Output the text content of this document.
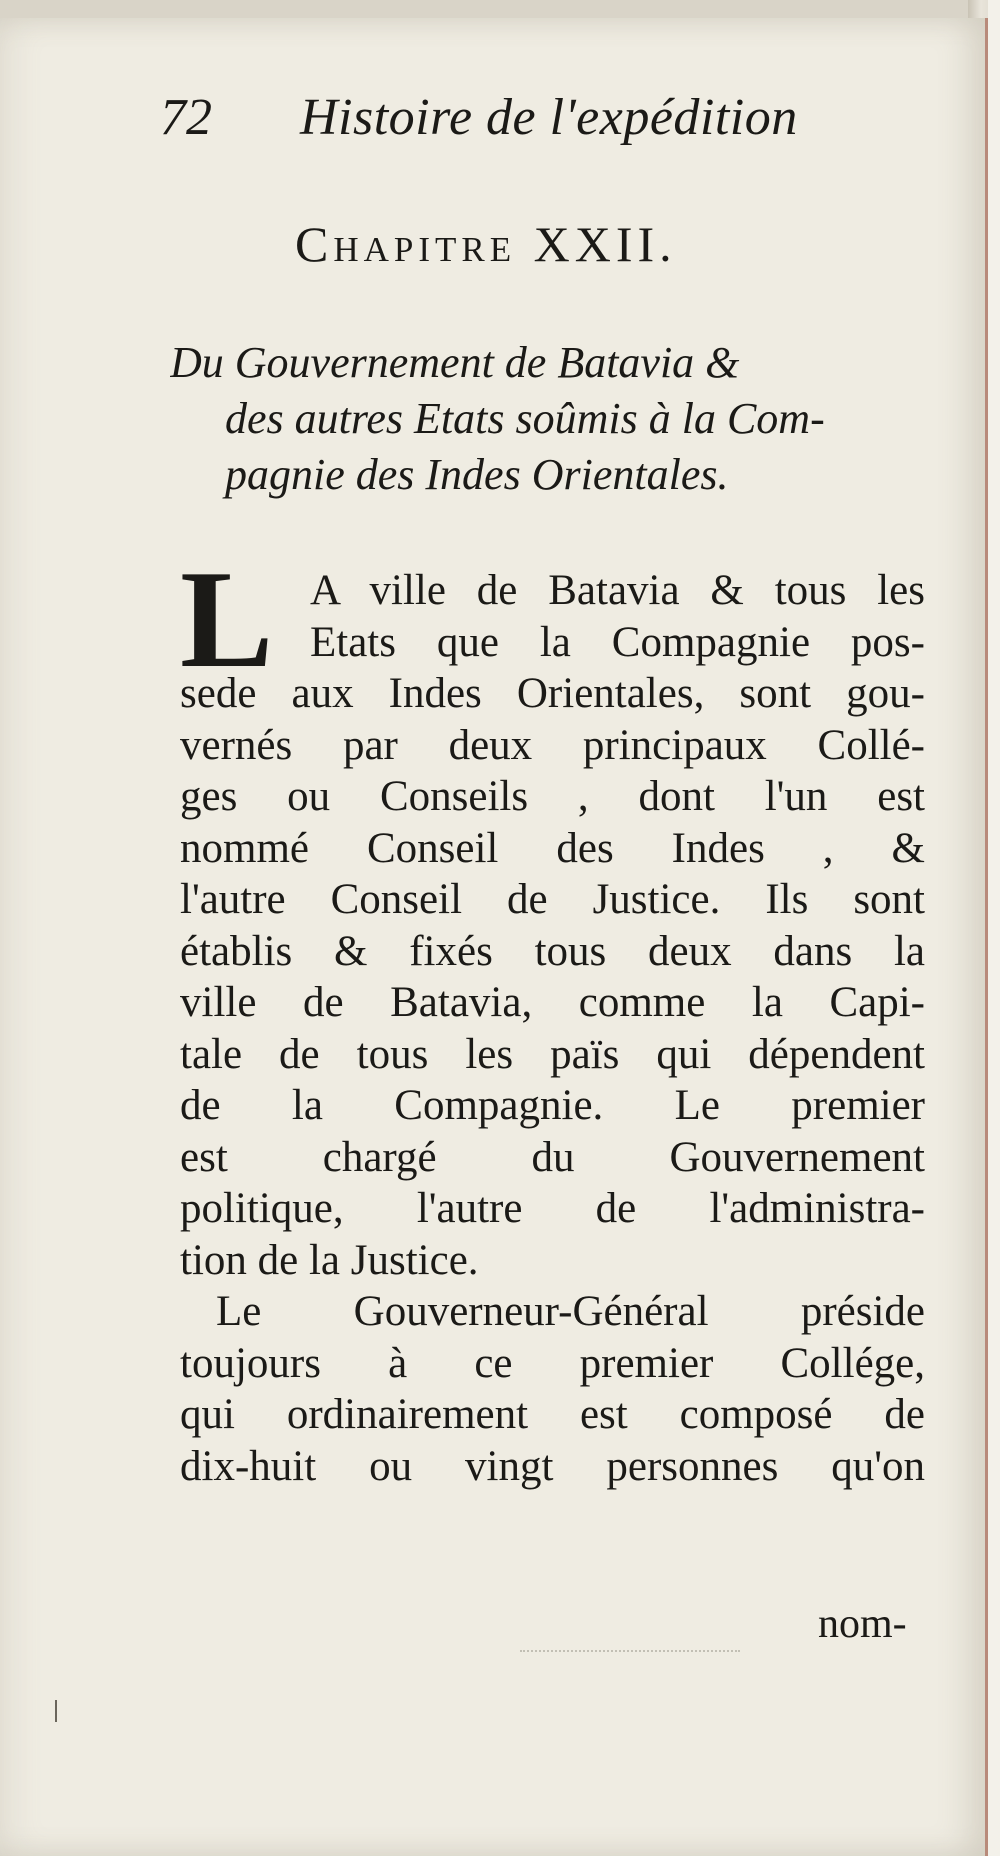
72 Histoire de l'expédition
Chapitre XXII.
Du Gouvernement de Batavia &
des autres Etats soûmis à la Com-
pagnie des Indes Orientales.
L A ville de Batavia & tous les
Etats que la Compagnie pos-
sede aux Indes Orientales, sont gou-
vernés par deux principaux Collé-
ges ou Conseils , dont l'un est
nommé Conseil des Indes , &
l'autre Conseil de Justice. Ils sont
établis & fixés tous deux dans la
ville de Batavia, comme la Capi-
tale de tous les païs qui dépendent
de la Compagnie. Le premier
est chargé du Gouvernement
politique, l'autre de l'administra-
tion de la Justice.
Le Gouverneur-Général préside
toujours à ce premier Collége,
qui ordinairement est composé de
dix-huit ou vingt personnes qu'on
nom-
